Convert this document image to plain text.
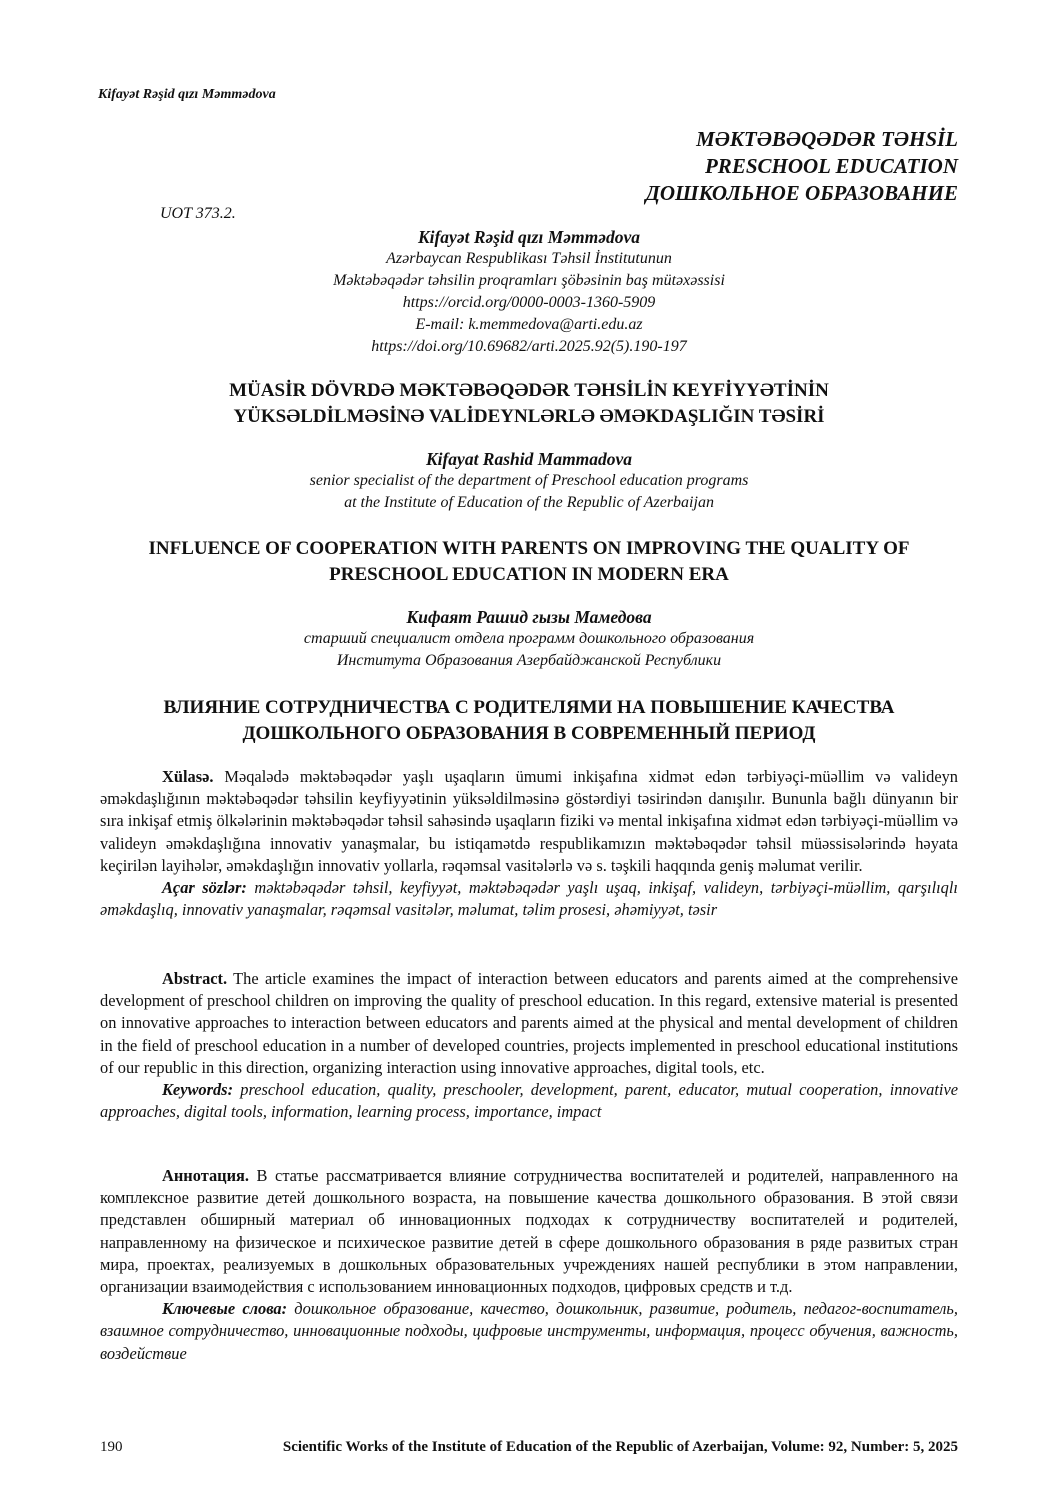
Kifayət Rəşid qızı Məmmədova
MƏKTƏBƏQƏDƏR TƏHSİL
PRESCHOOL EDUCATION
ДОШКОЛЬНОЕ ОБРАЗОВАНИЕ
UOT 373.2.
Kifayət Rəşid qızı Məmmədova
Azərbaycan Respublikası Təhsil İnstitutunun
Məktəbəqədər təhsilin proqramları şöbəsinin baş mütəxəssisi
https://orcid.org/0000-0003-1360-5909
E-mail: k.memmedova@arti.edu.az
https://doi.org/10.69682/arti.2025.92(5).190-197
MÜASİR DÖVRDƏ MƏKTƏBƏQƏDƏR TƏHSİLİN KEYFİYYƏTİNİN
YÜKSƏLDİLMƏSİNƏ VALİDEYNLƏRLƏ ƏMƏKDAŞLIĞIN TƏSİRİ
Kifayat Rashid Mammadova
senior specialist of the department of Preschool education programs
at the Institute of Education of the Republic of Azerbaijan
INFLUENCE OF COOPERATION WITH PARENTS ON IMPROVING THE QUALITY OF
PRESCHOOL EDUCATION IN MODERN ERA
Кифаят Рашид гызы Мамедова
старший специалист отдела программ дошкольного образования
Института Образования Азербайджанской Республики
ВЛИЯНИЕ СОТРУДНИЧЕСТВА С РОДИТЕЛЯМИ НА ПОВЫШЕНИЕ КАЧЕСТВА
ДОШКОЛЬНОГО ОБРАЗОВАНИЯ В СОВРЕМЕННЫЙ ПЕРИОД

Xülasə. Məqalədə məktəbəqədər yaşlı uşaqların ümumi inkişafına xidmət edən tərbiyəçi-müəllim və valideyn əməkdaşlığının məktəbəqədər təhsilin keyfiyyətinin yüksəldilməsinə göstərdiyi təsirindən danışılır. Bununla bağlı dünyanın bir sıra inkişaf etmiş ölkələrinin məktəbəqədər təhsil sahəsində uşaqların fiziki və mental inkişafına xidmət edən tərbiyəçi-müəllim və valideyn əməkdaşlığına innovativ yanaşmalar, bu istiqamətdə respublikamızın məktəbəqədər təhsil müəssisələrində həyata keçirilən layihələr, əməkdaşlığın innovativ yollarla, rəqəmsal vasitələrlə və s. təşkili haqqında geniş məlumat verilir.

Açar sözlər: məktəbəqədər təhsil, keyfiyyət, məktəbəqədər yaşlı uşaq, inkişaf, valideyn, tərbiyəçi-müəllim, qarşılıqlı əməkdaşlıq, innovativ yanaşmalar, rəqəmsal vasitələr, məlumat, təlim prosesi, əhəmiyyət, təsir

Abstract. The article examines the impact of interaction between educators and parents aimed at the comprehensive development of preschool children on improving the quality of preschool education. In this regard, extensive material is presented on innovative approaches to interaction between educators and parents aimed at the physical and mental development of children in the field of preschool education in a number of developed countries, projects implemented in preschool educational institutions of our republic in this direction, organizing interaction using innovative approaches, digital tools, etc.

Keywords: preschool education, quality, preschooler, development, parent, educator, mutual cooperation, innovative approaches, digital tools, information, learning process, importance, impact

Аннотация. В статье рассматривается влияние сотрудничества воспитателей и родителей, направленного на комплексное развитие детей дошкольного возраста, на повышение качества дошкольного образования. В этой связи представлен обширный материал об инновационных подходах к сотрудничеству воспитателей и родителей, направленному на физическое и психическое развитие детей в сфере дошкольного образования в ряде развитых стран мира, проектах, реализуемых в дошкольных образовательных учреждениях нашей республики в этом направлении, организации взаимодействия с использованием инновационных подходов, цифровых средств и т.д.

Ключевые слова: дошкольное образование, качество, дошкольник, развитие, родитель, педагог-воспитатель, взаимное сотрудничество, инновационные подходы, цифровые инструменты, информация, процесс обучения, важность, воздействие

190	Scientific Works of the Institute of Education of the Republic of Azerbaijan, Volume: 92, Number: 5, 2025
